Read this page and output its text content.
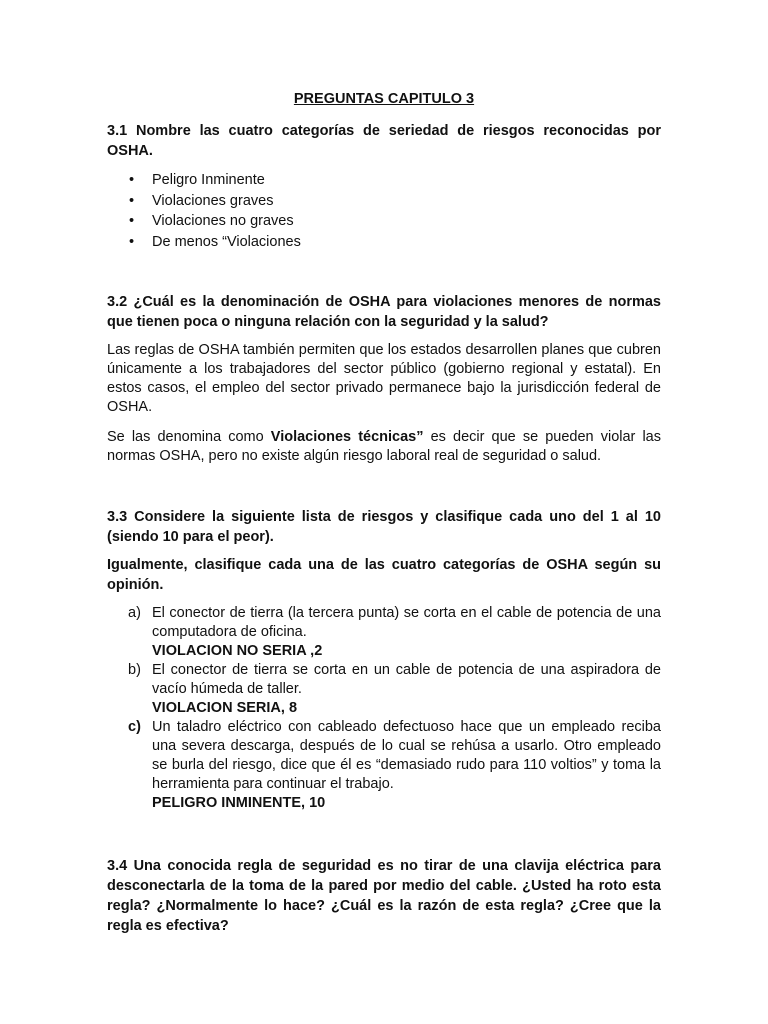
PREGUNTAS CAPITULO 3

3.1 Nombre las cuatro categorías de seriedad de riesgos reconocidas por OSHA.

• Peligro Inminente
• Violaciones graves
• Violaciones no graves
• De menos “Violaciones

3.2 ¿Cuál es la denominación de OSHA para violaciones menores de normas que tienen poca o ninguna relación con la seguridad y la salud?

Las reglas de OSHA también permiten que los estados desarrollen planes que cubren únicamente a los trabajadores del sector público (gobierno regional y estatal). En estos casos, el empleo del sector privado permanece bajo la jurisdicción federal de OSHA.

Se las denomina como Violaciones técnicas” es decir que se pueden violar las normas OSHA, pero no existe algún riesgo laboral real de seguridad o salud.

3.3 Considere la siguiente lista de riesgos y clasifique cada uno del 1 al 10 (siendo 10 para el peor).

Igualmente, clasifique cada una de las cuatro categorías de OSHA según su opinión.

a) El conector de tierra (la tercera punta) se corta en el cable de potencia de una computadora de oficina.
VIOLACION NO SERIA ,2
b) El conector de tierra se corta en un cable de potencia de una aspiradora de vacío húmeda de taller.
VIOLACION SERIA, 8
c) Un taladro eléctrico con cableado defectuoso hace que un empleado reciba una severa descarga, después de lo cual se rehúsa a usarlo. Otro empleado se burla del riesgo, dice que él es “demasiado rudo para 110 voltios” y toma la herramienta para continuar el trabajo.
PELIGRO INMINENTE, 10

3.4 Una conocida regla de seguridad es no tirar de una clavija eléctrica para desconectarla de la toma de la pared por medio del cable. ¿Usted ha roto esta regla? ¿Normalmente lo hace? ¿Cuál es la razón de esta regla? ¿Cree que la regla es efectiva?
